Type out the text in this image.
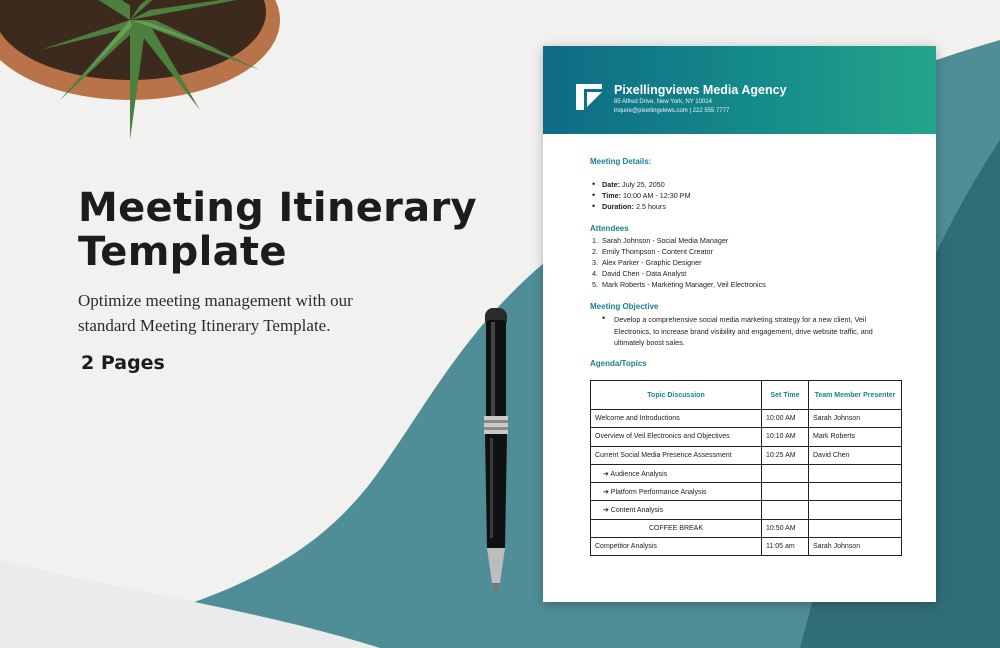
Meeting Itinerary
Template
Optimize meeting management with our standard Meeting Itinerary Template.
2 Pages
Pixellingviews Media Agency
85 Alfred Drive, New York, NY 10014
inquire@pixellingviews.com | 222 555 7777
Meeting Details:
• Date: July 25, 2050
• Time: 10:00 AM - 12:30 PM
• Duration: 2.5 hours
Attendees
1. Sarah Johnson - Social Media Manager
2. Emily Thompson - Content Creator
3. Alex Parker - Graphic Designer
4. David Chen - Data Analyst
5. Mark Roberts - Marketing Manager, Veil Electronics
Meeting Objective
• Develop a comprehensive social media marketing strategy for a new client, Veil Electronics, to increase brand visibility and engagement, drive website traffic, and ultimately boost sales.
Agenda/Topics
Topic Discussion	Set Time	Team Member Presenter
Welcome and Introductions	10:00 AM	Sarah Johnson
Overview of Veil Electronics and Objectives	10:10 AM	Mark Roberts
Current Social Media Presence Assessment	10:25 AM	David Chen
➔ Audience Analysis		
➔ Platform Performance Analysis		
➔ Content Analysis		
COFFEE BREAK	10:50 AM	
Competitor Analysis	11:05 am	Sarah Johnson
